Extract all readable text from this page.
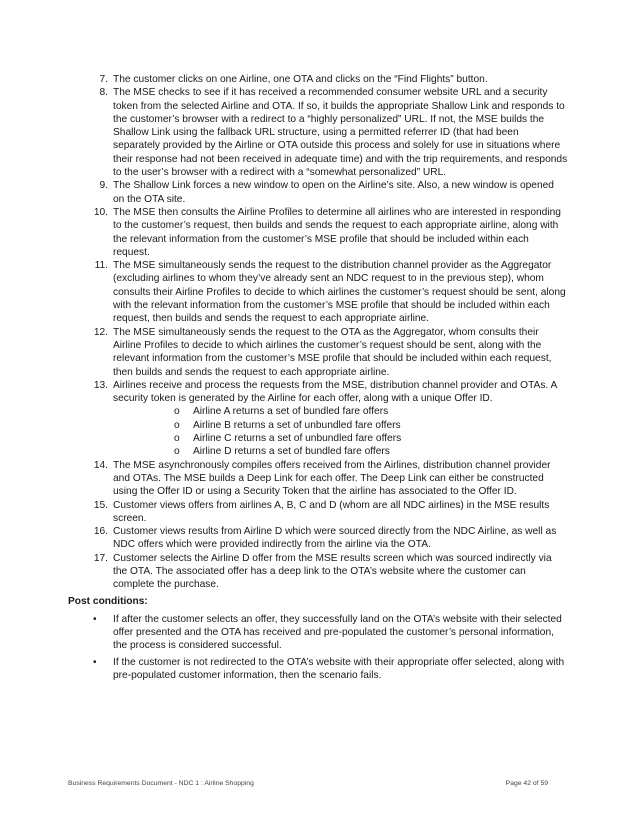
7. The customer clicks on one Airline, one OTA and clicks on the “Find Flights” button.
8. The MSE checks to see if it has received a recommended consumer website URL and a security token from the selected Airline and OTA. If so, it builds the appropriate Shallow Link and responds to the customer’s browser with a redirect to a “highly personalized” URL. If not, the MSE builds the Shallow Link using the fallback URL structure, using a permitted referrer ID (that had been separately provided by the Airline or OTA outside this process and solely for use in situations where their response had not been received in adequate time) and with the trip requirements, and responds to the user’s browser with a redirect with a “somewhat personalized” URL.
9. The Shallow Link forces a new window to open on the Airline’s site. Also, a new window is opened on the OTA site.
10. The MSE then consults the Airline Profiles to determine all airlines who are interested in responding to the customer’s request, then builds and sends the request to each appropriate airline, along with the relevant information from the customer’s MSE profile that should be included within each request.
11. The MSE simultaneously sends the request to the distribution channel provider as the Aggregator (excluding airlines to whom they’ve already sent an NDC request to in the previous step), whom consults their Airline Profiles to decide to which airlines the customer’s request should be sent, along with the relevant information from the customer’s MSE profile that should be included within each request, then builds and sends the request to each appropriate airline.
12. The MSE simultaneously sends the request to the OTA as the Aggregator, whom consults their Airline Profiles to decide to which airlines the customer’s request should be sent, along with the relevant information from the customer’s MSE profile that should be included within each request, then builds and sends the request to each appropriate airline.
13. Airlines receive and process the requests from the MSE, distribution channel provider and OTAs. A security token is generated by the Airline for each offer, along with a unique Offer ID.
o Airline A returns a set of bundled fare offers
o Airline B returns a set of unbundled fare offers
o Airline C returns a set of unbundled fare offers
o Airline D returns a set of bundled fare offers
14. The MSE asynchronously compiles offers received from the Airlines, distribution channel provider and OTAs. The MSE builds a Deep Link for each offer. The Deep Link can either be constructed using the Offer ID or using a Security Token that the airline has associated to the Offer ID.
15. Customer views offers from airlines A, B, C and D (whom are all NDC airlines) in the MSE results screen.
16. Customer views results from Airline D which were sourced directly from the NDC Airline, as well as NDC offers which were provided indirectly from the airline via the OTA.
17. Customer selects the Airline D offer from the MSE results screen which was sourced indirectly via the OTA. The associated offer has a deep link to the OTA’s website where the customer can complete the purchase.
Post conditions:
• If after the customer selects an offer, they successfully land on the OTA’s website with their selected offer presented and the OTA has received and pre-populated the customer’s personal information, the process is considered successful.
• If the customer is not redirected to the OTA’s website with their appropriate offer selected, along with pre-populated customer information, then the scenario fails.
Business Requirements Document - NDC 1 : Airline Shopping	Page 42 of 59
